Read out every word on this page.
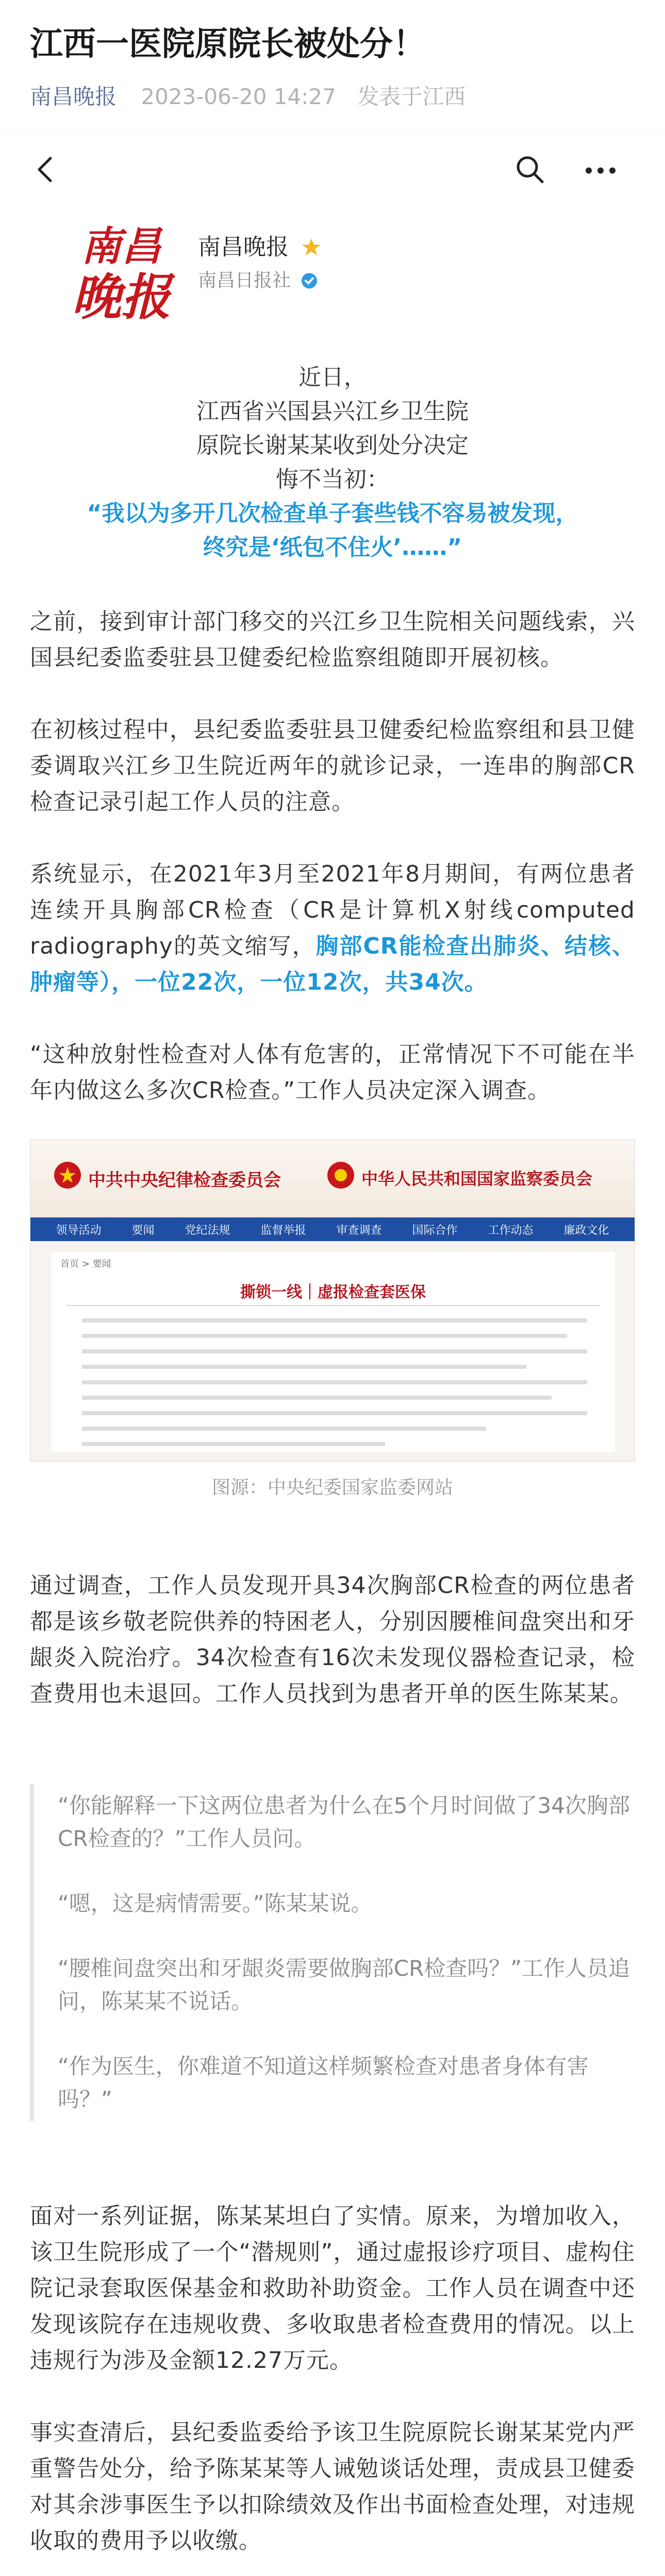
江西一医院原院长被处分！
南昌晚报 2023-06-20 14:27 发表于江西
南昌
晚报
南昌晚报
南昌日报社
近日，
江西省兴国县兴江乡卫生院
原院长谢某某收到处分决定
悔不当初：
“我以为多开几次检查单子套些钱不容易被发现，
终究是‘纸包不住火’……”

之前，接到审计部门移交的兴江乡卫生院相关问题线索，兴国县纪委监委驻县卫健委纪检监察组随即开展初核。

在初核过程中，县纪委监委驻县卫健委纪检监察组和县卫健委调取兴江乡卫生院近两年的就诊记录，一连串的胸部CR检查记录引起工作人员的注意。

系统显示，在2021年3月至2021年8月期间，有两位患者连续开具胸部CR检查（CR是计算机X射线computed radiography的英文缩写，胸部CR能检查出肺炎、结核、肿瘤等），一位22次，一位12次，共34次。

“这种放射性检查对人体有危害的，正常情况下不可能在半年内做这么多次CR检查。”工作人员决定深入调查。

中共中央纪律检查委员会	中华人民共和国国家监察委员会
领导活动	要闻	党纪法规	监督举报	审查调查	国际合作	工作动态	廉政文化
首页 > 要闻
撕锁一线｜虚报检查套医保
图源：中央纪委国家监委网站

通过调查，工作人员发现开具34次胸部CR检查的两位患者都是该乡敬老院供养的特困老人，分别因腰椎间盘突出和牙龈炎入院治疗。34次检查有16次未发现仪器检查记录，检查费用也未退回。工作人员找到为患者开单的医生陈某某。

“你能解释一下这两位患者为什么在5个月时间做了34次胸部CR检查的？”工作人员问。

“嗯，这是病情需要。”陈某某说。

“腰椎间盘突出和牙龈炎需要做胸部CR检查吗？”工作人员追问，陈某某不说话。

“作为医生，你难道不知道这样频繁检查对患者身体有害吗？”

面对一系列证据，陈某某坦白了实情。原来，为增加收入，该卫生院形成了一个“潜规则”，通过虚报诊疗项目、虚构住院记录套取医保基金和救助补助资金。工作人员在调查中还发现该院存在违规收费、多收取患者检查费用的情况。以上违规行为涉及金额12.27万元。

事实查清后，县纪委监委给予该卫生院原院长谢某某党内严重警告处分，给予陈某某等人诫勉谈话处理，责成县卫健委对其余涉事医生予以扣除绩效及作出书面检查处理，对违规收取的费用予以收缴。
